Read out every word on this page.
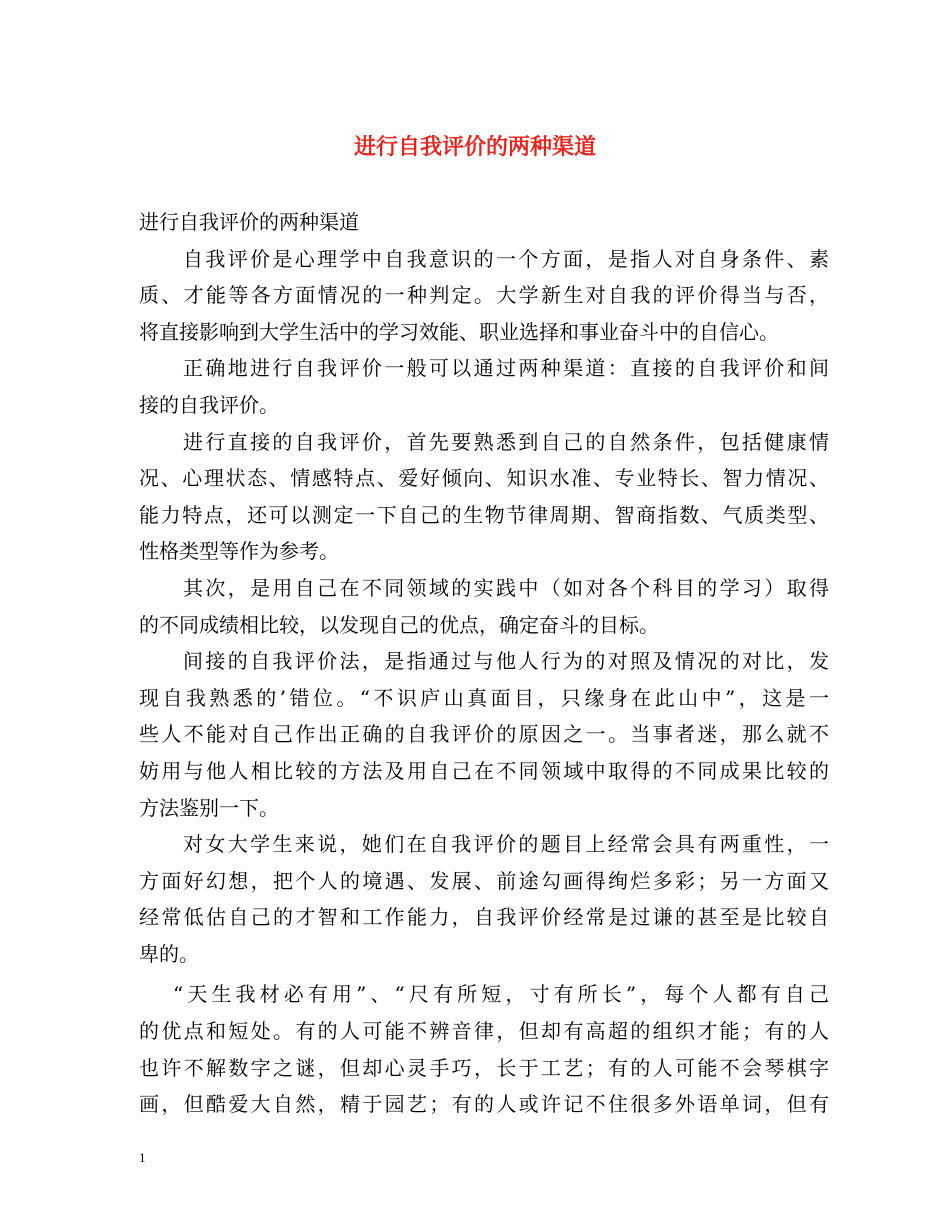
进行自我评价的两种渠道
进行自我评价的两种渠道
自我评价是心理学中自我意识的一个方面，是指人对自身条件、素
质、才能等各方面情况的一种判定。大学新生对自我的评价得当与否，
将直接影响到大学生活中的学习效能、职业选择和事业奋斗中的自信心。
正确地进行自我评价一般可以通过两种渠道：直接的自我评价和间
接的自我评价。
进行直接的自我评价，首先要熟悉到自己的自然条件，包括健康情
况、心理状态、情感特点、爱好倾向、知识水准、专业特长、智力情况、
能力特点，还可以测定一下自己的生物节律周期、智商指数、气质类型、
性格类型等作为参考。
其次，是用自己在不同领域的实践中（如对各个科目的学习）取得
的不同成绩相比较，以发现自己的优点，确定奋斗的目标。
间接的自我评价法，是指通过与他人行为的对照及情况的对比，发
现自我熟悉的’错位。“不识庐山真面目，只缘身在此山中”，这是一
些人不能对自己作出正确的自我评价的原因之一。当事者迷，那么就不
妨用与他人相比较的方法及用自己在不同领域中取得的不同成果比较的
方法鉴别一下。
对女大学生来说，她们在自我评价的题目上经常会具有两重性，一
方面好幻想，把个人的境遇、发展、前途勾画得绚烂多彩；另一方面又
经常低估自己的才智和工作能力，自我评价经常是过谦的甚至是比较自
卑的。
“天生我材必有用”、“尺有所短，寸有所长”，每个人都有自己
的优点和短处。有的人可能不辨音律，但却有高超的组织才能；有的人
也许不解数字之谜，但却心灵手巧，长于工艺；有的人可能不会琴棋字
画，但酷爱大自然，精于园艺；有的人或许记不住很多外语单词，但有
1
